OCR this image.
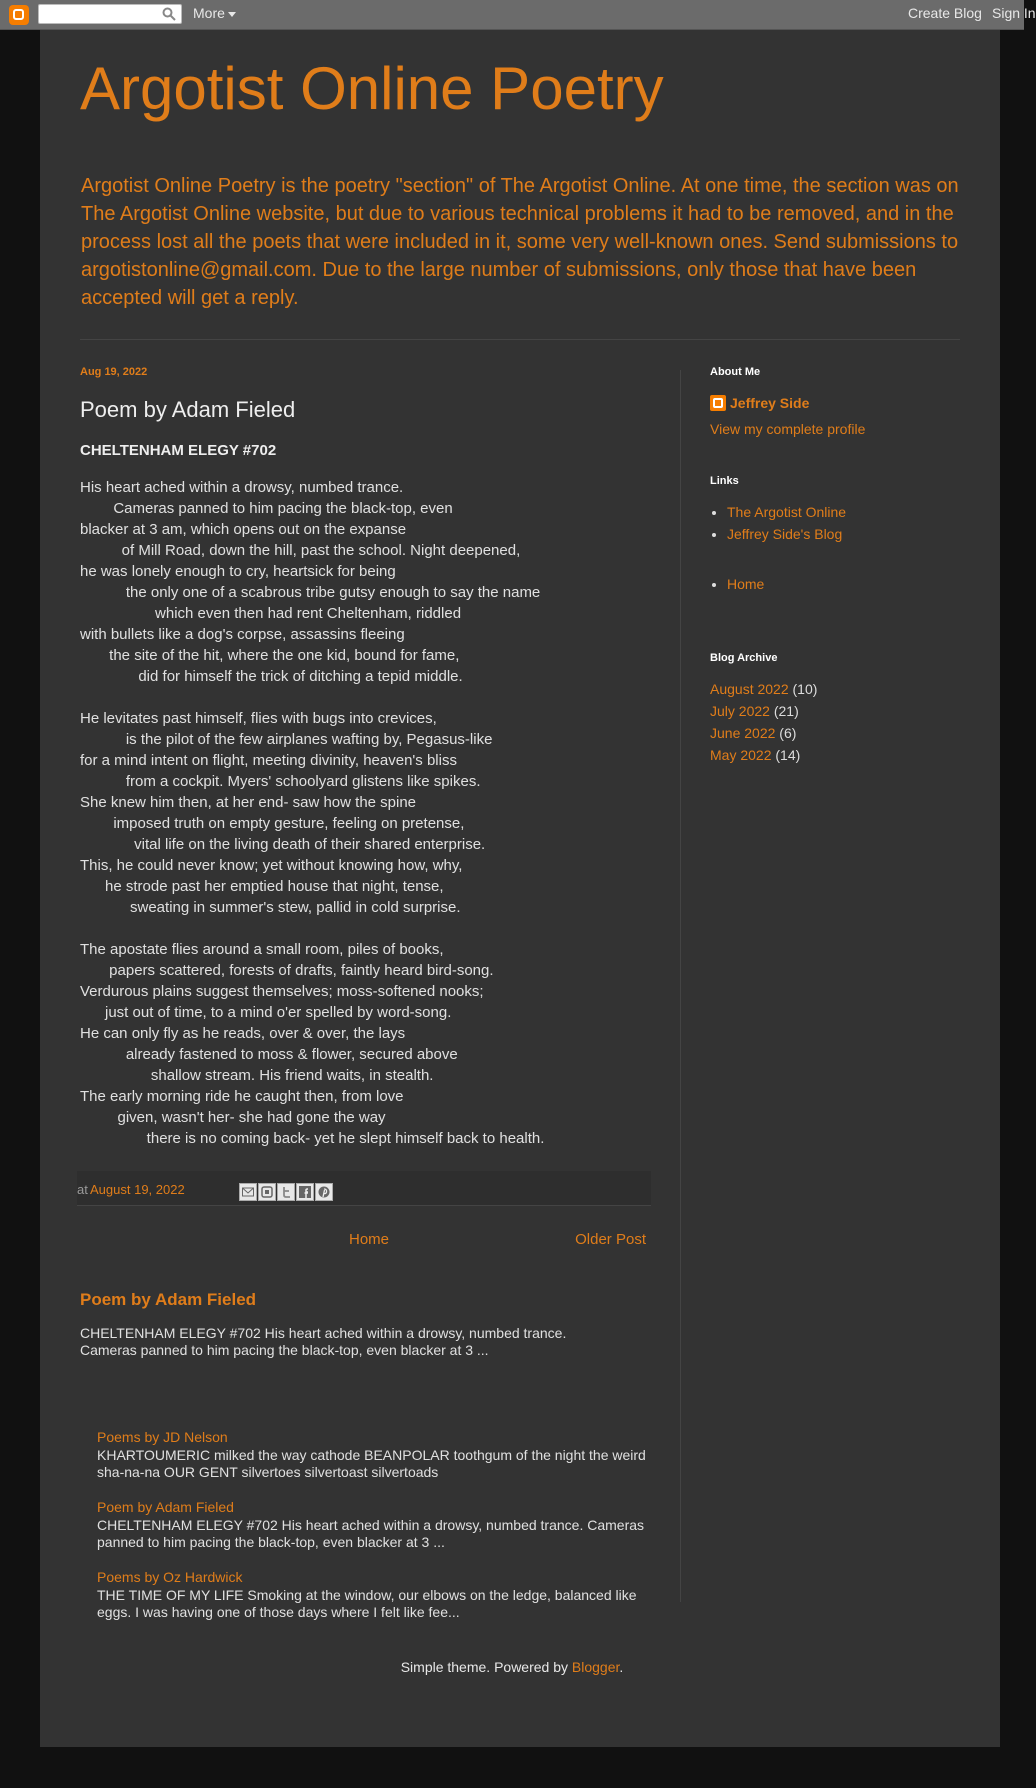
More	Create Blog Sign In
Argotist Online Poetry

Argotist Online Poetry is the poetry "section" of The Argotist Online. At one time, the section was on The Argotist Online website, but due to various technical problems it had to be removed, and in the process lost all the poets that were included in it, some very well-known ones. Send submissions to argotistonline@gmail.com. Due to the large number of submissions, only those that have been accepted will get a reply.

Aug 19, 2022

Poem by Adam Fieled
CHELTENHAM ELEGY #702
His heart ached within a drowsy, numbed trance.
Cameras panned to him pacing the black-top, even
blacker at 3 am, which opens out on the expanse
of Mill Road, down the hill, past the school. Night deepened,
he was lonely enough to cry, heartsick for being
the only one of a scabrous tribe gutsy enough to say the name
which even then had rent Cheltenham, riddled
with bullets like a dog's corpse, assassins fleeing
the site of the hit, where the one kid, bound for fame,
did for himself the trick of ditching a tepid middle.
He levitates past himself, flies with bugs into crevices,
is the pilot of the few airplanes wafting by, Pegasus-like
for a mind intent on flight, meeting divinity, heaven's bliss
from a cockpit. Myers' schoolyard glistens like spikes.
She knew him then, at her end- saw how the spine
imposed truth on empty gesture, feeling on pretense,
vital life on the living death of their shared enterprise.
This, he could never know; yet without knowing how, why,
he strode past her emptied house that night, tense,
sweating in summer's stew, pallid in cold surprise.
The apostate flies around a small room, piles of books,
papers scattered, forests of drafts, faintly heard bird-song.
Verdurous plains suggest themselves; moss-softened nooks;
just out of time, to a mind o'er spelled by word-song.
He can only fly as he reads, over & over, the lays
already fastened to moss & flower, secured above
shallow stream. His friend waits, in stealth.
The early morning ride he caught then, from love
given, wasn't her- she had gone the way
there is no coming back- yet he slept himself back to health.
at August 19, 2022
Home	Older Post
Poem by Adam Fieled

CHELTENHAM ELEGY #702 His heart ached within a drowsy, numbed trance. Cameras panned to him pacing the black-top, even blacker at 3 ...

Poems by JD Nelson
KHARTOUMERIC milked the way cathode BEANPOLAR toothgum of the night the weird sha-na-na OUR GENT silvertoes silvertoast silvertoads
Poem by Adam Fieled
CHELTENHAM ELEGY #702 His heart ached within a drowsy, numbed trance. Cameras panned to him pacing the black-top, even blacker at 3 ...
Poems by Oz Hardwick
THE TIME OF MY LIFE Smoking at the window, our elbows on the ledge, balanced like eggs. I was having one of those days where I felt like fee...
About Me
Jeffrey Side
View my complete profile
Links
• The Argotist Online
• Jeffrey Side's Blog
• Home
Blog Archive
August 2022 (10)
July 2022 (21)
June 2022 (6)
May 2022 (14)
Simple theme. Powered by Blogger.
